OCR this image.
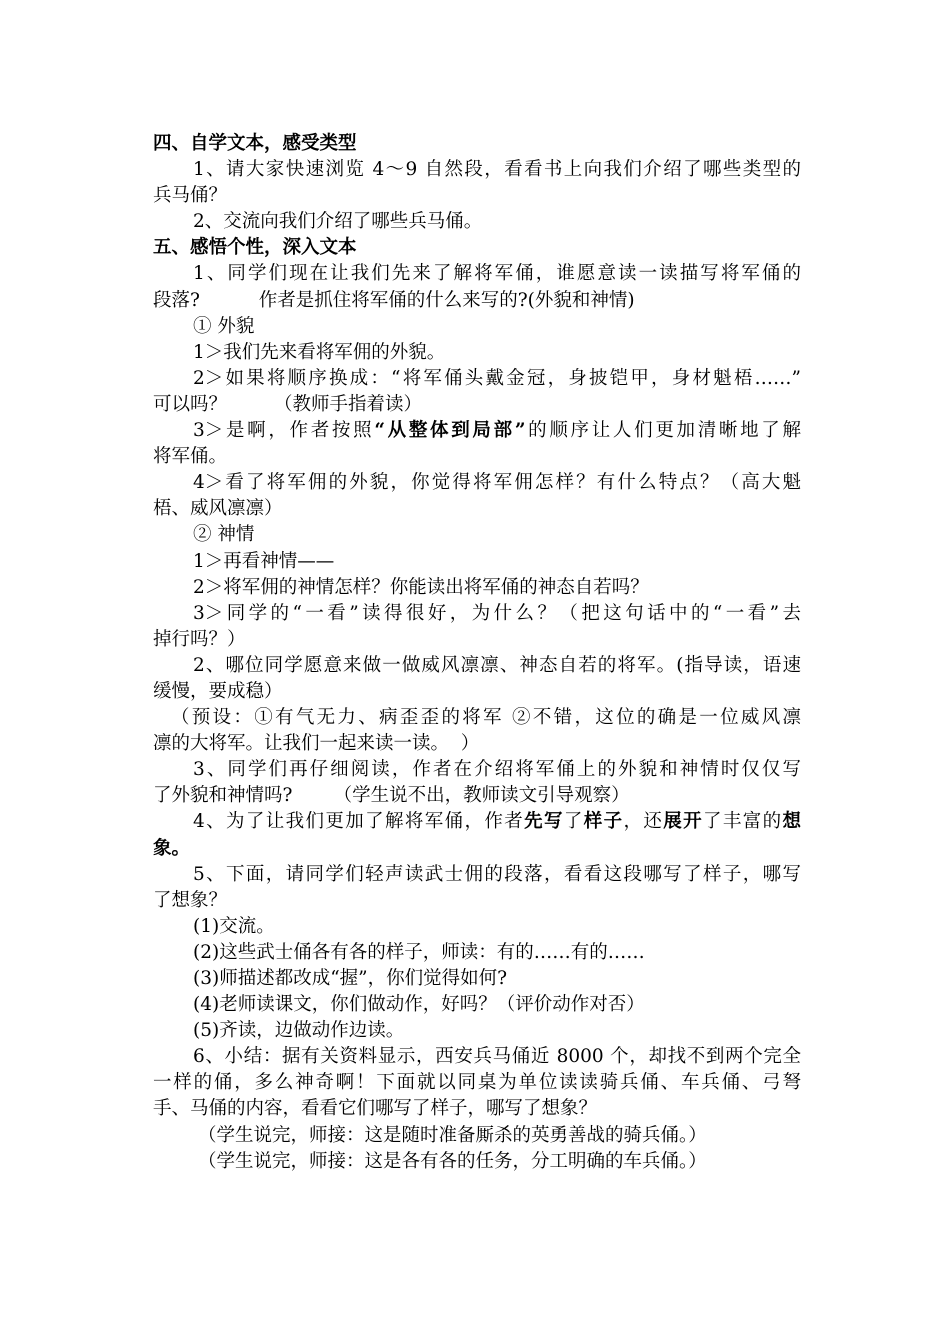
四、自学文本，感受类型
1、请大家快速浏览 4～9 自然段，看看书上向我们介绍了哪些类型的
兵马俑？
2、交流向我们介绍了哪些兵马俑。
五、感悟个性，深入文本
1、同学们现在让我们先来了解将军俑，谁愿意读一读描写将军俑的
段落?          作者是抓住将军俑的什么来写的?(外貌和神情)
① 外貌
1＞我们先来看将军佣的外貌。
2＞如果将顺序换成：“将军俑头戴金冠，身披铠甲，身材魁梧……”
可以吗？        （教师手指着读）
3＞是啊，作者按照“从整体到局部”的顺序让人们更加清晰地了解
将军俑。
4＞看了将军佣的外貌，你觉得将军佣怎样？有什么特点？（高大魁
梧、威风凛凛）
② 神情
1＞再看神情——
2＞将军佣的神情怎样？你能读出将军俑的神态自若吗？
3＞同学的“一看”读得很好，为什么？（把这句话中的“一看”去
掉行吗？）
2、哪位同学愿意来做一做威风凛凛、神态自若的将军。(指导读，语速
缓慢，要成稳）
（预设：①有气无力、病歪歪的将军 ②不错，这位的确是一位威风凛
凛的大将军。让我们一起来读一读。  ）
3、同学们再仔细阅读，作者在介绍将军俑上的外貌和神情时仅仅写
了外貌和神情吗?       （学生说不出，教师读文引导观察）
4、为了让我们更加了解将军俑，作者先写了样子，还展开了丰富的想
象。
5、下面，请同学们轻声读武士佣的段落，看看这段哪写了样子，哪写
了想象？
(1)交流。
(2)这些武士俑各有各的样子，师读：有的……有的……
(3)师描述都改成“握”，你们觉得如何?
(4)老师读课文，你们做动作，好吗？（评价动作对否）
(5)齐读，边做动作边读。
6、小结：据有关资料显示，西安兵马俑近 8000 个，却找不到两个完全
一样的俑，多么神奇啊！下面就以同桌为单位读读骑兵俑、车兵俑、弓弩
手、马俑的内容，看看它们哪写了样子，哪写了想象？
（学生说完，师接：这是随时准备厮杀的英勇善战的骑兵俑。）
（学生说完，师接：这是各有各的任务，分工明确的车兵俑。）
